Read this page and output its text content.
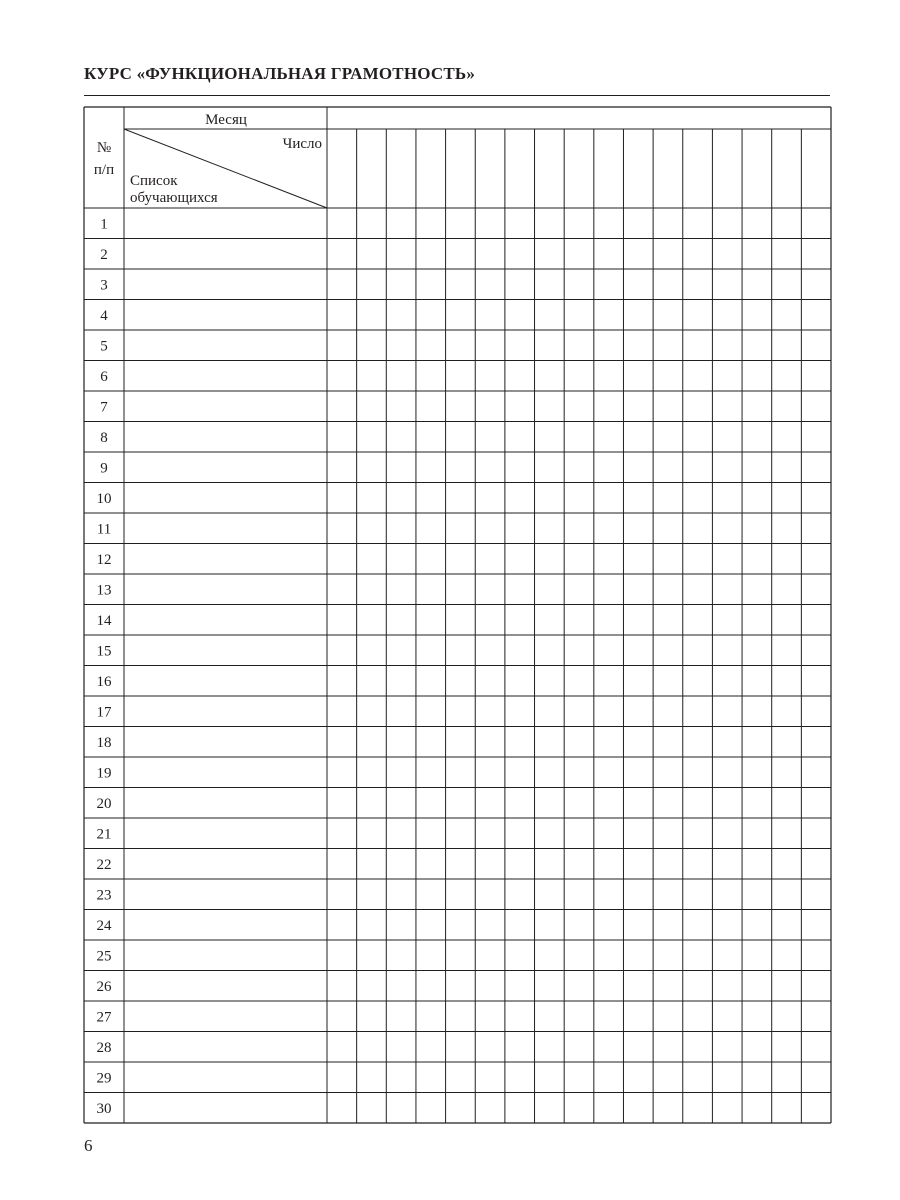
КУРС «ФУНКЦИОНАЛЬНАЯ ГРАМОТНОСТЬ»
№
п/п
Месяц
Число
Список
обучающихся
1
2
3
4
5
6
7
8
9
10
11
12
13
14
15
16
17
18
19
20
21
22
23
24
25
26
27
28
29
30
6
